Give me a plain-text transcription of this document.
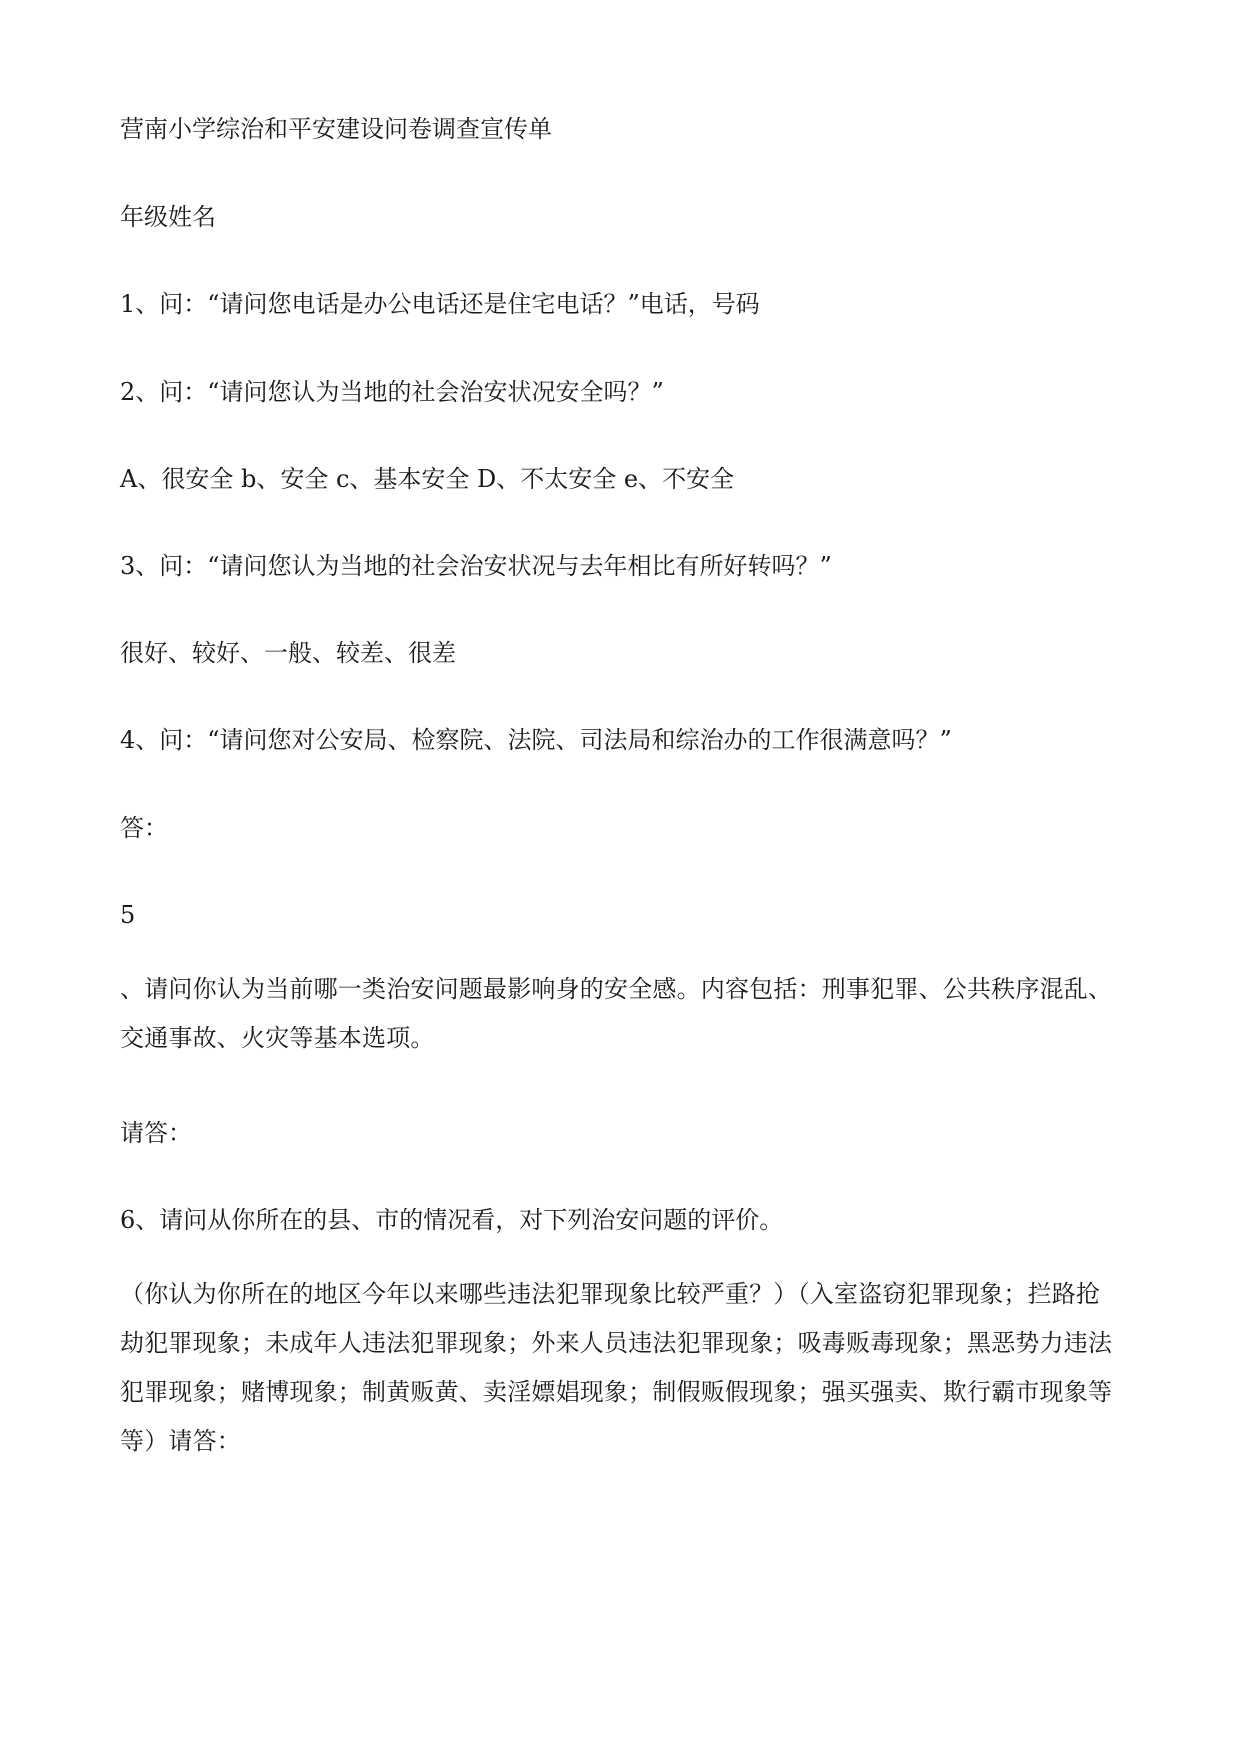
营南小学综治和平安建设问卷调查宣传单

年级姓名

1、问：“请问您电话是办公电话还是住宅电话？”电话，号码

2、问：“请问您认为当地的社会治安状况安全吗？”

A、很安全 b、安全 c、基本安全 D、不太安全 e、不安全

3、问：“请问您认为当地的社会治安状况与去年相比有所好转吗？”

很好、较好、一般、较差、很差

4、问：“请问您对公安局、检察院、法院、司法局和综治办的工作很满意吗？”

答：

5

、请问你认为当前哪一类治安问题最影响身的安全感。内容包括：刑事犯罪、公共秩序混乱、交通事故、火灾等基本选项。

请答：

6、请问从你所在的县、市的情况看，对下列治安问题的评价。

（你认为你所在的地区今年以来哪些违法犯罪现象比较严重？）（入室盗窃犯罪现象；拦路抢劫犯罪现象；未成年人违法犯罪现象；外来人员违法犯罪现象；吸毒贩毒现象；黑恶势力违法犯罪现象；赌博现象；制黄贩黄、卖淫嫖娼现象；制假贩假现象；强买强卖、欺行霸市现象等等）请答：
